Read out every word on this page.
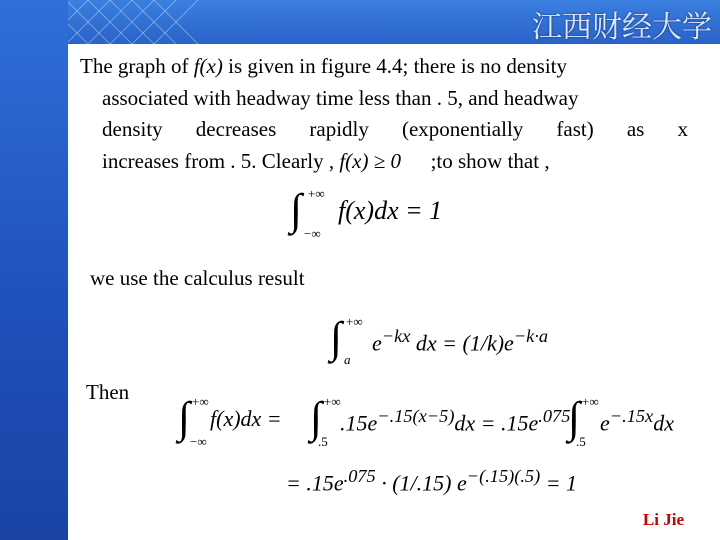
江西财经大学
The graph of f(x) is given in figure 4.4; there is no density
associated with headway time less than . 5, and headway
density decreases rapidly (exponentially fast) as x
increases from . 5. Clearly , f(x) ≥ 0 ;to show that ,
∫ +∞
−∞
f(x)dx = 1
we use the calculus result
∫ +∞
a
$e^{-kx}$ dx = $(1/k)e^{-k\cdot a}$
Then
∫ +∞
−∞
f(x)dx = ∫ +∞
.5
$.15e^{-.15(x-5)}dx = .15e^{.075}$
∫ +∞
.5
$e^{-.15x}dx$
= $.15e^{.075} \cdot (1/.15) e^{-(.15)(.5)} = 1$
Li Jie
